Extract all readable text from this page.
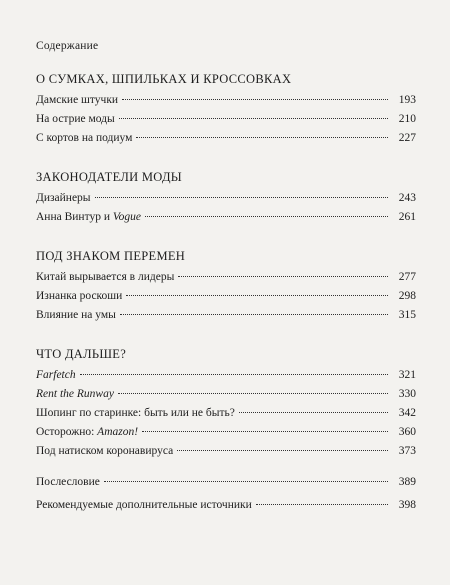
Содержание
О СУМКАХ, ШПИЛЬКАХ И КРОССОВКАХ
Дамские штучки	193
На острие моды	210
С кортов на подиум	227
ЗАКОНОДАТЕЛИ МОДЫ
Дизайнеры	243
Анна Винтур и Vogue	261
ПОД ЗНАКОМ ПЕРЕМЕН
Китай вырывается в лидеры	277
Изнанка роскоши	298
Влияние на умы	315
ЧТО ДАЛЬШЕ?
Farfetch	321
Rent the Runway	330
Шопинг по старинке: быть или не быть?	342
Осторожно: Amazon!	360
Под натиском коронавируса	373
Послесловие	389
Рекомендуемые дополнительные источники	398
